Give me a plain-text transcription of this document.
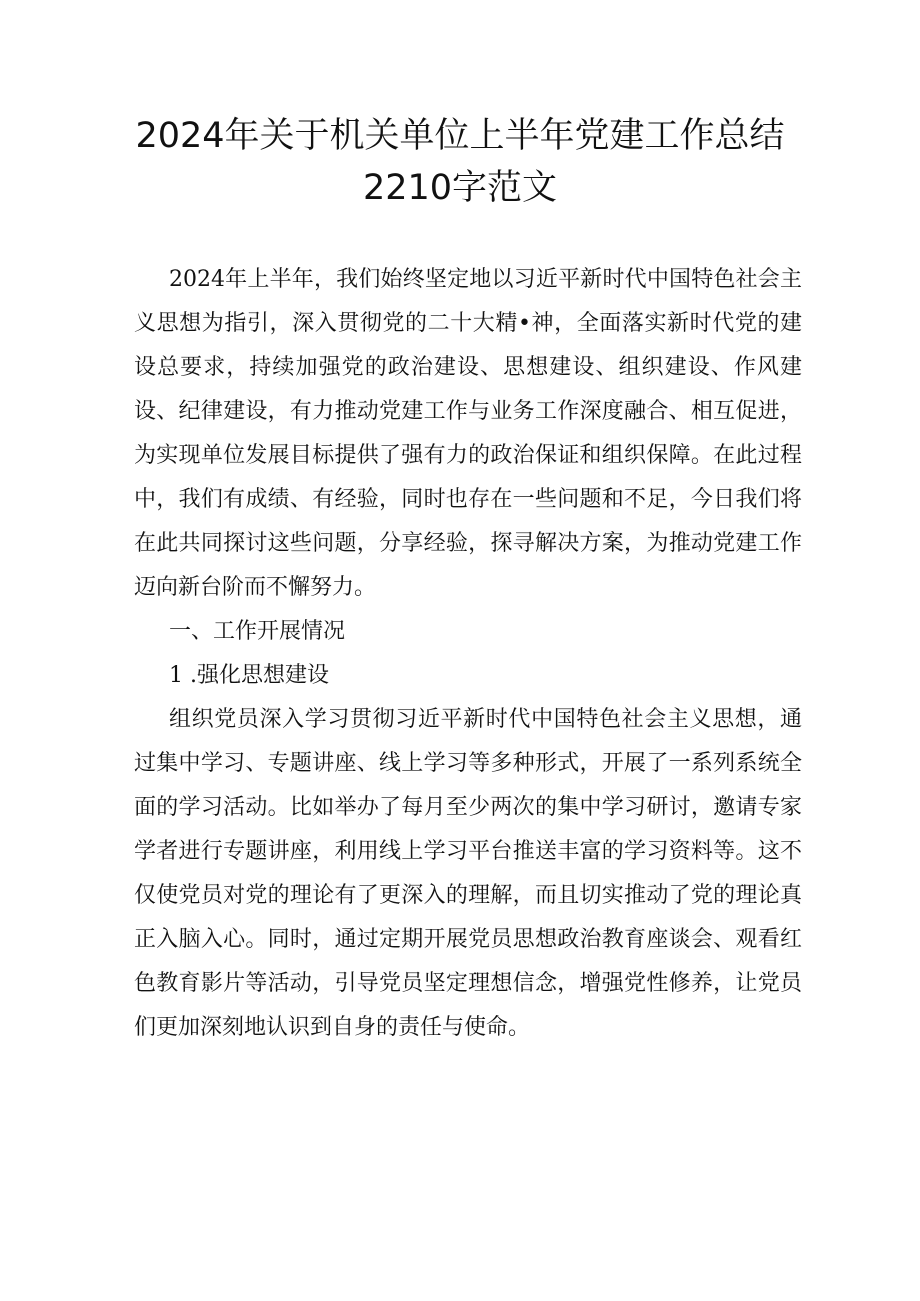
2024年关于机关单位上半年党建工作总结
2210字范文

2024年上半年，我们始终坚定地以习近平新时代中国特色社会主义思想为指引，深入贯彻党的二十大精•神，全面落实新时代党的建设总要求，持续加强党的政治建设、思想建设、组织建设、作风建设、纪律建设，有力推动党建工作与业务工作深度融合、相互促进，为实现单位发展目标提供了强有力的政治保证和组织保障。在此过程中，我们有成绩、有经验，同时也存在一些问题和不足，今日我们将在此共同探讨这些问题，分享经验，探寻解决方案，为推动党建工作迈向新台阶而不懈努力。

一、工作开展情况

1 .强化思想建设

组织党员深入学习贯彻习近平新时代中国特色社会主义思想，通过集中学习、专题讲座、线上学习等多种形式，开展了一系列系统全面的学习活动。比如举办了每月至少两次的集中学习研讨，邀请专家学者进行专题讲座，利用线上学习平台推送丰富的学习资料等。这不仅使党员对党的理论有了更深入的理解，而且切实推动了党的理论真正入脑入心。同时，通过定期开展党员思想政治教育座谈会、观看红色教育影片等活动，引导党员坚定理想信念，增强党性修养，让党员们更加深刻地认识到自身的责任与使命。
